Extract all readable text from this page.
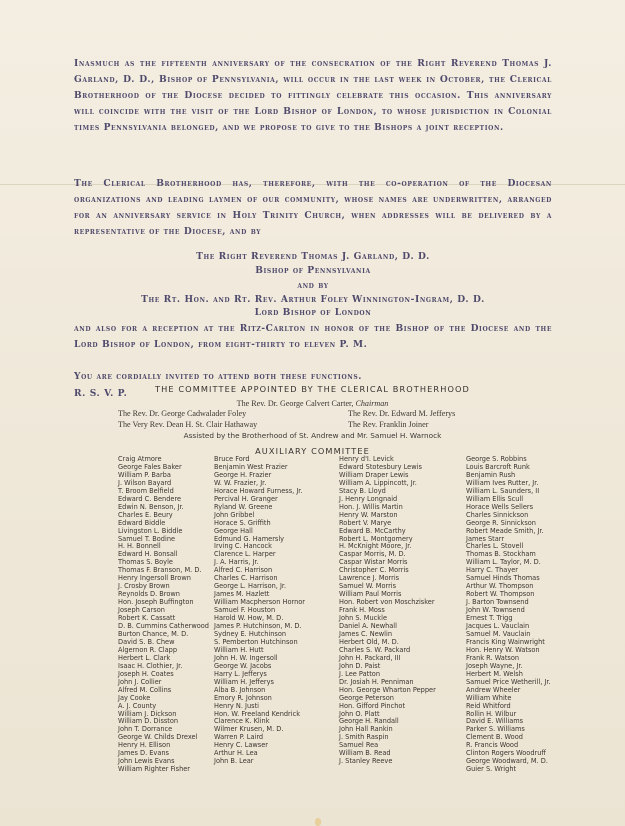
Inasmuch as the fifteenth anniversary of the consecration of the Right Reverend Thomas J. Garland, D. D., Bishop of Pennsylvania, will occur in the last week in October, the Clerical Brotherhood of the Diocese decided to fittingly celebrate this occasion. This anniversary will coincide with the visit of the Lord Bishop of London, to whose jurisdiction in Colonial times Pennsylvania belonged, and we propose to give to the Bishops a joint reception.
The Clerical Brotherhood has, therefore, with the co-operation of the Diocesan organizations and leading laymen of our community, whose names are underwritten, arranged for an anniversary service in Holy Trinity Church, when addresses will be delivered by a representative of the Diocese, and by
The Right Reverend Thomas J. Garland, D. D.
Bishop of Pennsylvania
and by
The Rt. Hon. and Rt. Rev. Arthur Foley Winnington-Ingram, D. D.
Lord Bishop of London
and also for a reception at the Ritz-Carlton in honor of the Bishop of the Diocese and the Lord Bishop of London, from eight-thirty to eleven P. M.
You are cordially invited to attend both these functions.
R. S. V. P.	THE COMMITTEE APPOINTED BY THE CLERICAL BROTHERHOOD
The Rev. Dr. George Calvert Carter, Chairman
The Rev. Dr. George Cadwalader Foley	The Rev. Dr. Edward M. Jefferys
The Very Rev. Dean H. St. Clair Hathaway	The Rev. Franklin Joiner
Assisted by the Brotherhood of St. Andrew and Mr. Samuel H. Warnock
AUXILIARY COMMITTEE
Craig Atmore
George Fales Baker
William P. Barba
J. Wilson Bayard
T. Broom Belfield
Edward C. Bendere
Edwin N. Benson, Jr.
Charles E. Beury
Edward Biddle
Livingston L. Biddle
Samuel T. Bodine
H. H. Bonnell
Edward H. Bonsall
Thomas S. Boyle
Thomas F. Branson, M. D.
Henry Ingersoll Brown
J. Crosby Brown
Reynolds D. Brown
Hon. Joseph Buffington
Joseph Carson
Robert K. Cassatt
D. B. Cummins Catherwood
Burton Chance, M. D.
David S. B. Chew
Algernon R. Clapp
Herbert L. Clark
Isaac H. Clothier, Jr.
Joseph H. Coates
John J. Collier
Alfred M. Collins
Jay Cooke
A. J. County
William J. Dickson
William D. Disston
John T. Dorrance
George W. Childs Drexel
Henry H. Ellison
James D. Evans
John Lewis Evans
William Righter Fisher
Bruce Ford
Benjamin West Frazier
George H. Frazier
W. W. Frazier, Jr.
Horace Howard Furness, Jr.
Percival H. Granger
Ryland W. Greene
John Gribbel
Horace S. Griffith
George Hall
Edmund G. Hamersly
Irving C. Hancock
Clarence L. Harper
J. A. Harris, Jr.
Alfred C. Harrison
Charles C. Harrison
George L. Harrison, Jr.
James M. Hazlett
William Macpherson Hornor
Samuel F. Houston
Harold W. How, M. D.
James P. Hutchinson, M. D.
Sydney E. Hutchinson
S. Pemberton Hutchinson
William H. Hutt
John H. W. Ingersoll
George W. Jacobs
Harry L. Jefferys
William H. Jefferys
Alba B. Johnson
Emory R. Johnson
Henry N. Justi
Hon. W. Freeland Kendrick
Clarence K. Klink
Wilmer Krusen, M. D.
Warren P. Laird
Henry C. Lawser
Arthur H. Lea
John B. Lear
Henry d'I. Levick
Edward Stotesbury Lewis
William Draper Lewis
William A. Lippincott, Jr.
Stacy B. Lloyd
J. Henry Longnaid
Hon. J. Willis Martin
Henry W. Marston
Robert V. Marye
Edward B. McCarthy
Robert L. Montgomery
H. McKnight Moore, Jr.
Caspar Morris, M. D.
Caspar Wistar Morris
Christopher C. Morris
Lawrence J. Morris
Samuel W. Morris
William Paul Morris
Hon. Robert von Moschzisker
Frank H. Moss
John S. Muckle
Daniel A. Newhall
James C. Newlin
Herbert Old, M. D.
Charles S. W. Packard
John H. Packard, III
John D. Paist
J. Lee Patton
Dr. Josiah H. Penniman
Hon. George Wharton Pepper
George Peterson
Hon. Gifford Pinchot
John O. Platt
George H. Randall
John Hall Rankin
J. Smith Raspin
Samuel Rea
William B. Read
J. Stanley Reeve
George S. Robbins
Louis Barcroft Runk
Benjamin Rush
William Ives Rutter, Jr.
William L. Saunders, II
William Ellis Scull
Horace Wells Sellers
Charles Sinnickson
George R. Sinnickson
Robert Meade Smith, Jr.
James Starr
Charles L. Stovell
Thomas B. Stockham
William L. Taylor, M. D.
Harry C. Thayer
Samuel Hinds Thomas
Arthur W. Thompson
Robert W. Thompson
J. Barton Townsend
John W. Townsend
Ernest T. Trigg
Jacques L. Vauclain
Samuel M. Vauclain
Francis King Wainwright
Hon. Henry W. Watson
Frank R. Watson
Joseph Wayne, Jr.
Herbert M. Welsh
Samuel Price Wetherill, Jr.
Andrew Wheeler
William White
Reid Whitford
Rollin H. Wilbur
David E. Williams
Parker S. Williams
Clement B. Wood
R. Francis Wood
Clinton Rogers Woodruff
George Woodward, M. D.
Guier S. Wright
